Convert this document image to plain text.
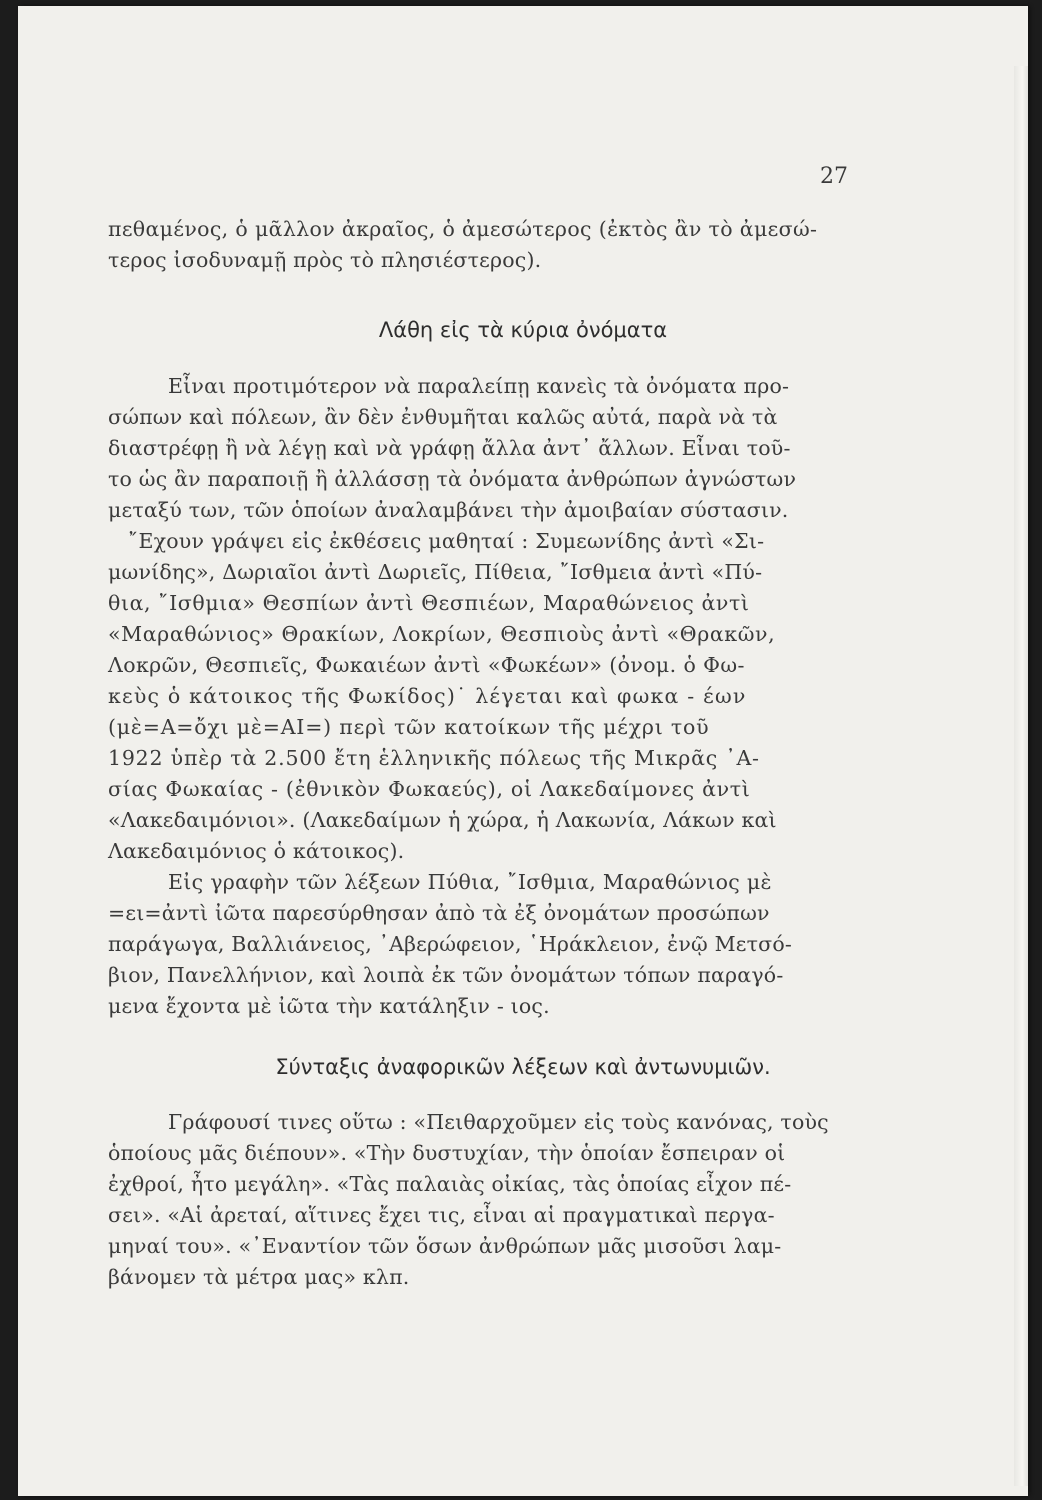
27
πεθαμένος, ὁ μᾶλλον ἀκραῖος, ὁ ἀμεσώτερος (ἐκτὸς ἂν τὸ ἀμεσώ-
τερος ἰσοδυναμῇ πρὸς τὸ πλησιέστερος).
Λάθη εἰς τὰ κύρια ὀνόματα
Εἶναι προτιμότερον νὰ παραλείπῃ κανεὶς τὰ ὀνόματα προ-
σώπων καὶ πόλεων, ἂν δὲν ἐνθυμῆται καλῶς αὐτά, παρὰ νὰ τὰ
διαστρέφῃ ἢ νὰ λέγῃ καὶ νὰ γράφῃ ἄλλα ἀντ᾽ ἄλλων. Εἶναι τοῦ-
το ὡς ἂν παραποιῇ ἢ ἀλλάσσῃ τὰ ὀνόματα ἀνθρώπων ἀγνώστων
μεταξύ των, τῶν ὁποίων ἀναλαμβάνει τὴν ἀμοιβαίαν σύστασιν.
῎Εχουν γράψει εἰς ἐκθέσεις μαθηταί : Συμεωνίδης ἀντὶ «Σι-
μωνίδης», Δωριαῖοι ἀντὶ Δωριεῖς, Πίθεια, ῎Ισθμεια ἀντὶ «Πύ-
θια, ῎Ισθμια» Θεσπίων ἀντὶ Θεσπιέων, Μαραθώνειος ἀντὶ
«Μαραθώνιος» Θρακίων, Λοκρίων, Θεσπιοὺς ἀντὶ «Θρακῶν,
Λοκρῶν, Θεσπιεῖς, Φωκαιέων ἀντὶ «Φωκέων» (ὀνομ. ὁ Φω-
κεὺς ὁ κάτοικος τῆς Φωκίδος)˙ λέγεται καὶ φωκα - έων
(μὲ=Α=ὄχι μὲ=ΑΙ=) περὶ τῶν κατοίκων τῆς μέχρι τοῦ
1922 ὑπὲρ τὰ 2.500 ἔτη ἑλληνικῆς πόλεως τῆς Μικρᾶς ᾽Α-
σίας Φωκαίας - (ἐθνικὸν Φωκαεύς), οἱ Λακεδαίμονες ἀντὶ
«Λακεδαιμόνιοι». (Λακεδαίμων ἡ χώρα, ἡ Λακωνία, Λάκων καὶ
Λακεδαιμόνιος ὁ κάτοικος).
Εἰς γραφὴν τῶν λέξεων Πύθια, ῎Ισθμια, Μαραθώνιος μὲ
=ει=ἀντὶ ἰῶτα παρεσύρθησαν ἀπὸ τὰ ἐξ ὀνομάτων προσώπων
παράγωγα, Βαλλιάνειος, ᾽Αβερώφειον, ῾Ηράκλειον, ἐνῷ Μετσό-
βιον, Πανελλήνιον, καὶ λοιπὰ ἐκ τῶν ὀνομάτων τόπων παραγό-
μενα ἔχοντα μὲ ἰῶτα τὴν κατάληξιν - ιος.
Σύνταξις ἀναφορικῶν λέξεων καὶ ἀντωνυμιῶν.
Γράφουσί τινες οὕτω : «Πειθαρχοῦμεν εἰς τοὺς κανόνας, τοὺς
ὁποίους μᾶς διέπουν». «Τὴν δυστυχίαν, τὴν ὁποίαν ἔσπειραν οἱ
ἐχθροί, ἦτο μεγάλη». «Τὰς παλαιὰς οἰκίας, τὰς ὁποίας εἶχον πέ-
σει». «Αἱ ἀρεταί, αἵτινες ἔχει τις, εἶναι αἱ πραγματικαὶ περγα-
μηναί του». «᾽Εναντίον τῶν ὅσων ἀνθρώπων μᾶς μισοῦσι λαμ-
βάνομεν τὰ μέτρα μας» κλπ.
